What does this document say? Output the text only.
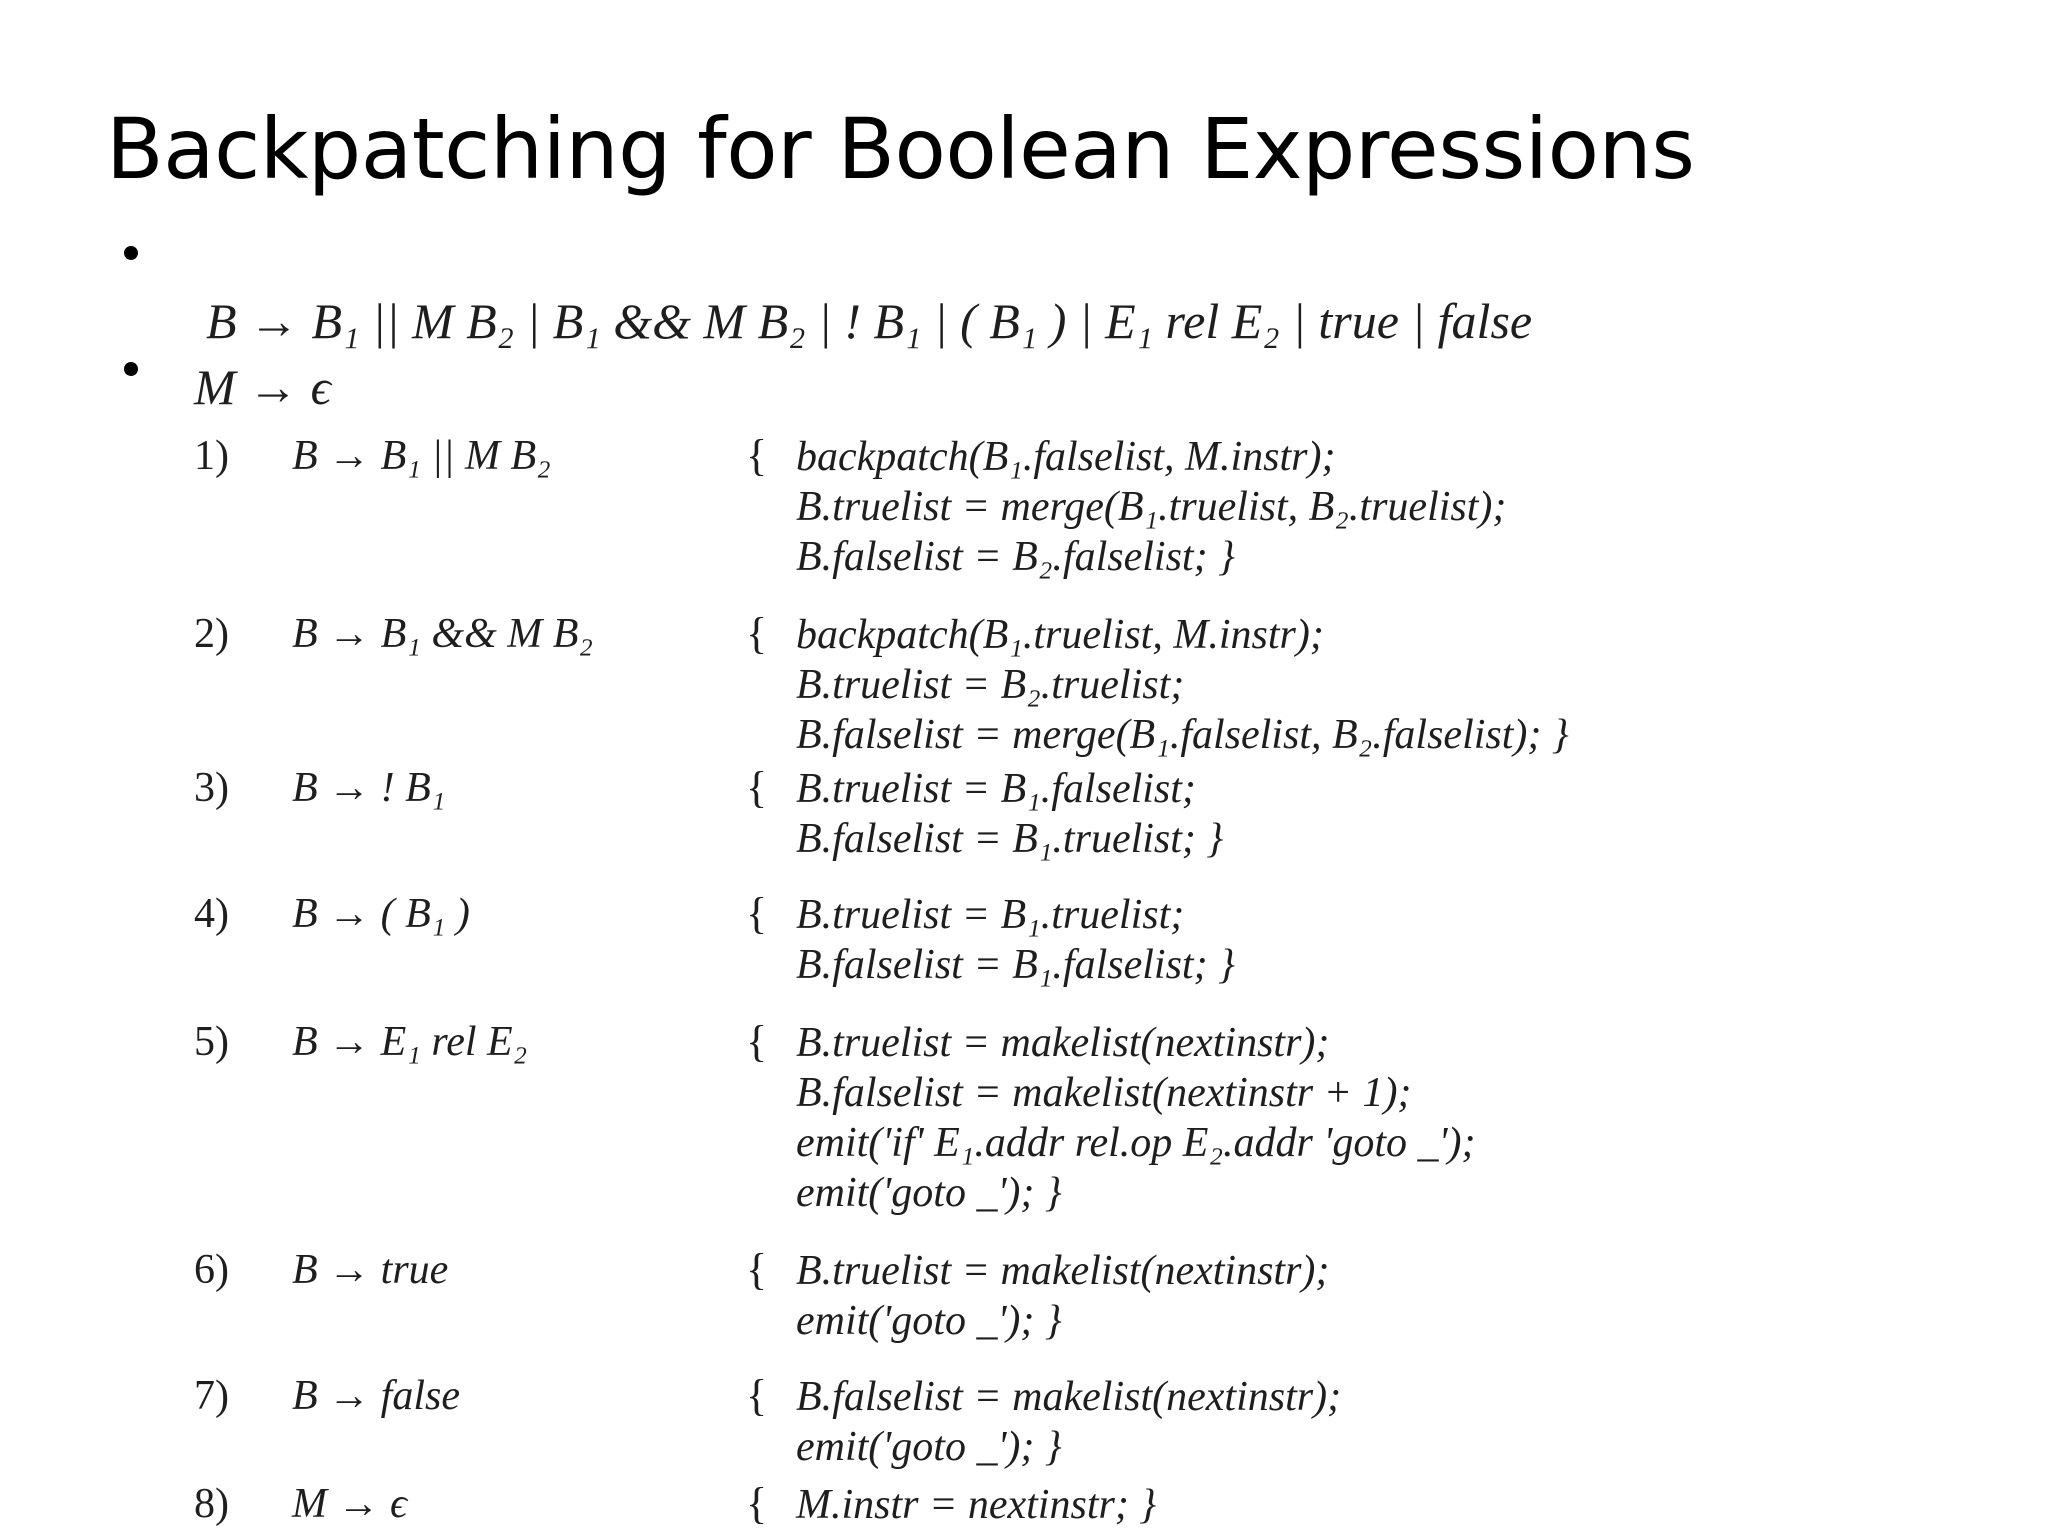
Backpatching for Boolean Expressions
B → B₁ || M B₂ | B₁ && M B₂ | ! B₁ | ( B₁ ) | E₁ rel E₂ | true | false
M → ϵ
1) B → B₁ || M B₂	{ backpatch(B₁.falselist, M.instr);
B.truelist = merge(B₁.truelist, B₂.truelist);
B.falselist = B₂.falselist; }
2) B → B₁ && M B₂	{ backpatch(B₁.truelist, M.instr);
B.truelist = B₂.truelist;
B.falselist = merge(B₁.falselist, B₂.falselist); }
3) B → ! B₁	{ B.truelist = B₁.falselist;
B.falselist = B₁.truelist; }
4) B → ( B₁ )	{ B.truelist = B₁.truelist;
B.falselist = B₁.falselist; }
5) B → E₁ rel E₂	{ B.truelist = makelist(nextinstr);
B.falselist = makelist(nextinstr + 1);
emit('if' E₁.addr rel.op E₂.addr 'goto _');
emit('goto _'); }
6) B → true	{ B.truelist = makelist(nextinstr);
emit('goto _'); }
7) B → false	{ B.falselist = makelist(nextinstr);
emit('goto _'); }
8) M → ϵ	{ M.instr = nextinstr; }
